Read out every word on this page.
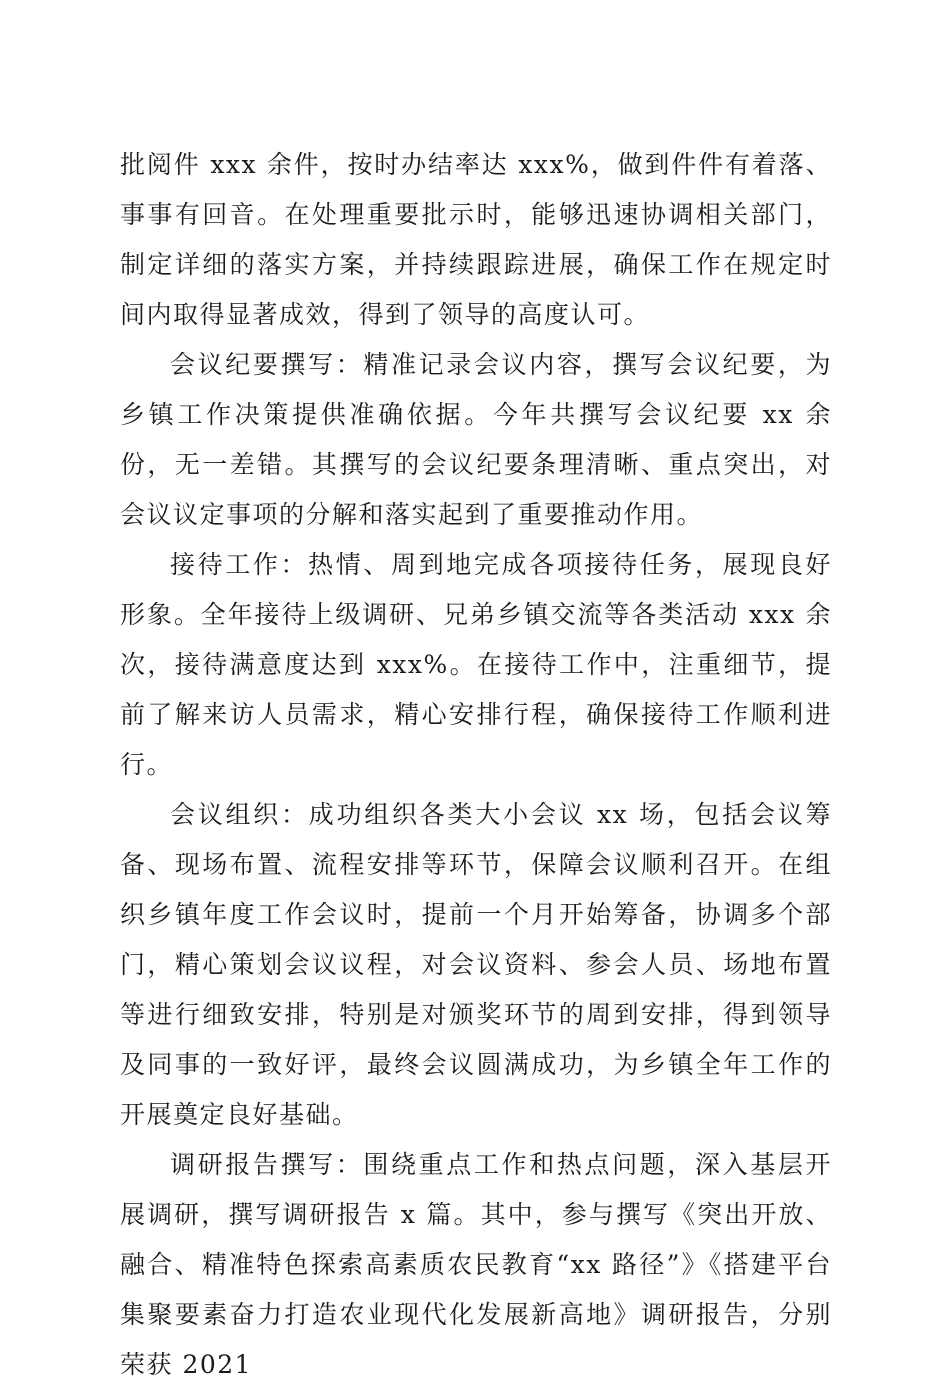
批阅件 xxx 余件，按时办结率达 xxx%，做到件件有着落、事事有回音。在处理重要批示时，能够迅速协调相关部门，制定详细的落实方案，并持续跟踪进展，确保工作在规定时间内取得显著成效，得到了领导的高度认可。

会议纪要撰写：精准记录会议内容，撰写会议纪要，为乡镇工作决策提供准确依据。今年共撰写会议纪要 xx 余份，无一差错。其撰写的会议纪要条理清晰、重点突出，对会议议定事项的分解和落实起到了重要推动作用。

接待工作：热情、周到地完成各项接待任务，展现良好形象。全年接待上级调研、兄弟乡镇交流等各类活动 xxx 余次，接待满意度达到 xxx%。在接待工作中，注重细节，提前了解来访人员需求，精心安排行程，确保接待工作顺利进行。

会议组织：成功组织各类大小会议 xx 场，包括会议筹备、现场布置、流程安排等环节，保障会议顺利召开。在组织乡镇年度工作会议时，提前一个月开始筹备，协调多个部门，精心策划会议议程，对会议资料、参会人员、场地布置等进行细致安排，特别是对颁奖环节的周到安排，得到领导及同事的一致好评，最终会议圆满成功，为乡镇全年工作的开展奠定良好基础。

调研报告撰写：围绕重点工作和热点问题，深入基层开展调研，撰写调研报告 x 篇。其中，参与撰写《突出开放、融合、精准特色探索高素质农民教育“xx 路径”》《搭建平台集聚要素奋力打造农业现代化发展新高地》调研报告，分别荣获 2021
